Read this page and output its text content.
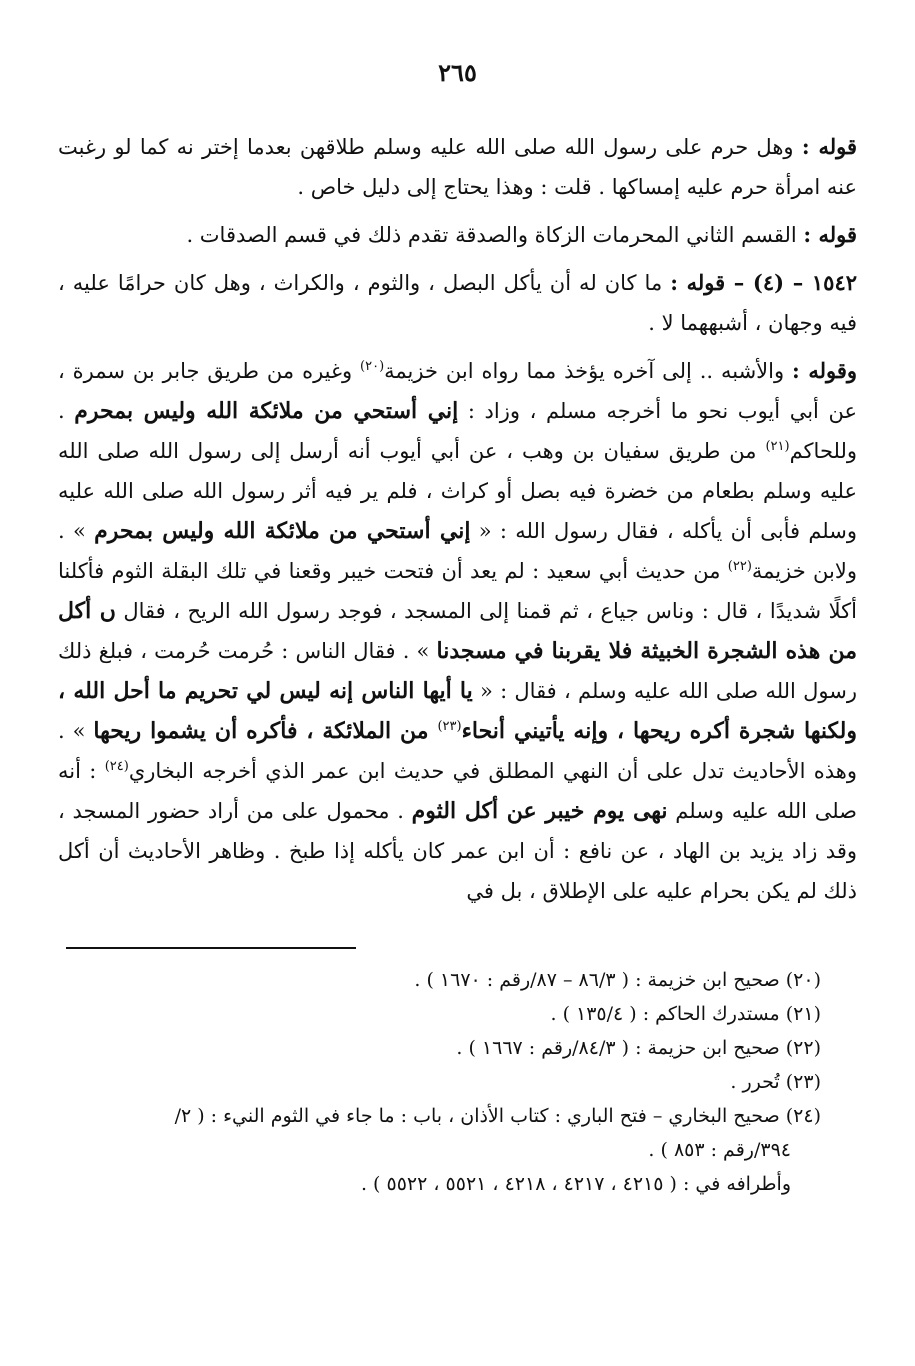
٢٦٥

قوله : وهل حرم على رسول الله صلى الله عليه وسلم طلاقهن بعدما إختر نه كما لو رغبت عنه امرأة حرم عليه إمساكها . قلت : وهذا يحتاج إلى دليل خاص .

قوله : القسم الثاني المحرمات الزكاة والصدقة تقدم ذلك في قسم الصدقات .

١٥٤٢ – (٤) – قوله : ما كان له أن يأكل البصل ، والثوم ، والكراث ، وهل كان حرامًا عليه ، فيه وجهان ، أشبههما لا .

وقوله : والأشبه .. إلى آخره يؤخذ مما رواه ابن خزيمة$^{(٢٠)}$ وغيره من طريق جابر بن سمرة ، عن أبي أيوب نحو ما أخرجه مسلم ، وزاد : إني أستحي من ملائكة الله وليس بمحرم . وللحاكم$^{(٢١)}$ من طريق سفيان بن وهب ، عن أبي أيوب أنه أرسل إلى رسول الله صلى الله عليه وسلم بطعام من خضرة فيه بصل أو كراث ، فلم ير فيه أثر رسول الله صلى الله عليه وسلم فأبى أن يأكله ، فقال رسول الله : « إني أستحي من ملائكة الله وليس بمحرم » . ولابن خزيمة$^{(٢٢)}$ من حديث أبي سعيد : لم يعد أن فتحت خيبر وقعنا في تلك البقلة الثوم فأكلنا أكلًا شديدًا ، قال : وناس جياع ، ثم قمنا إلى المسجد ، فوجد رسول الله الريح ، فقال ں أكل من هذه الشجرة الخبيثة فلا يقربنا في مسجدنا » . فقال الناس : حُرمت حُرمت ، فبلغ ذلك رسول الله صلى الله عليه وسلم ، فقال : « يا أيها الناس إنه ليس لي تحريم ما أحل الله ، ولكنها شجرة أكره ريحها ، وإنه يأتيني أنحاء$^{(٢٣)}$ من الملائكة ، فأكره أن يشموا ريحها » . وهذه الأحاديث تدل على أن النهي المطلق في حديث ابن عمر الذي أخرجه البخاري$^{(٢٤)}$ : أنه صلى الله عليه وسلم نهى يوم خيبر عن أكل الثوم . محمول على من أراد حضور المسجد ، وقد زاد يزيد بن الهاد ، عن نافع : أن ابن عمر كان يأكله إذا طبخ . وظاهر الأحاديث أن أكل ذلك لم يكن بحرام عليه على الإطلاق ، بل في

(٢٠) صحيح ابن خزيمة : ( ٨٦/٣ – ٨٧/رقم : ١٦٧٠ ) .

(٢١) مستدرك الحاكم : ( ١٣٥/٤ ) .

(٢٢) صحيح ابن حزيمة : ( ٨٤/٣/رقم : ١٦٦٧ ) .

(٢٣) تُحرر .

(٢٤) صحيح البخاري – فتح الباري : كتاب الأذان ، باب : ما جاء في الثوم النيء : ( ٢/

٣٩٤/رقم : ٨٥٣ ) .

وأطرافه في : ( ٤٢١٥ ، ٤٢١٧ ، ٤٢١٨ ، ٥٥٢١ ، ٥٥٢٢ ) .
